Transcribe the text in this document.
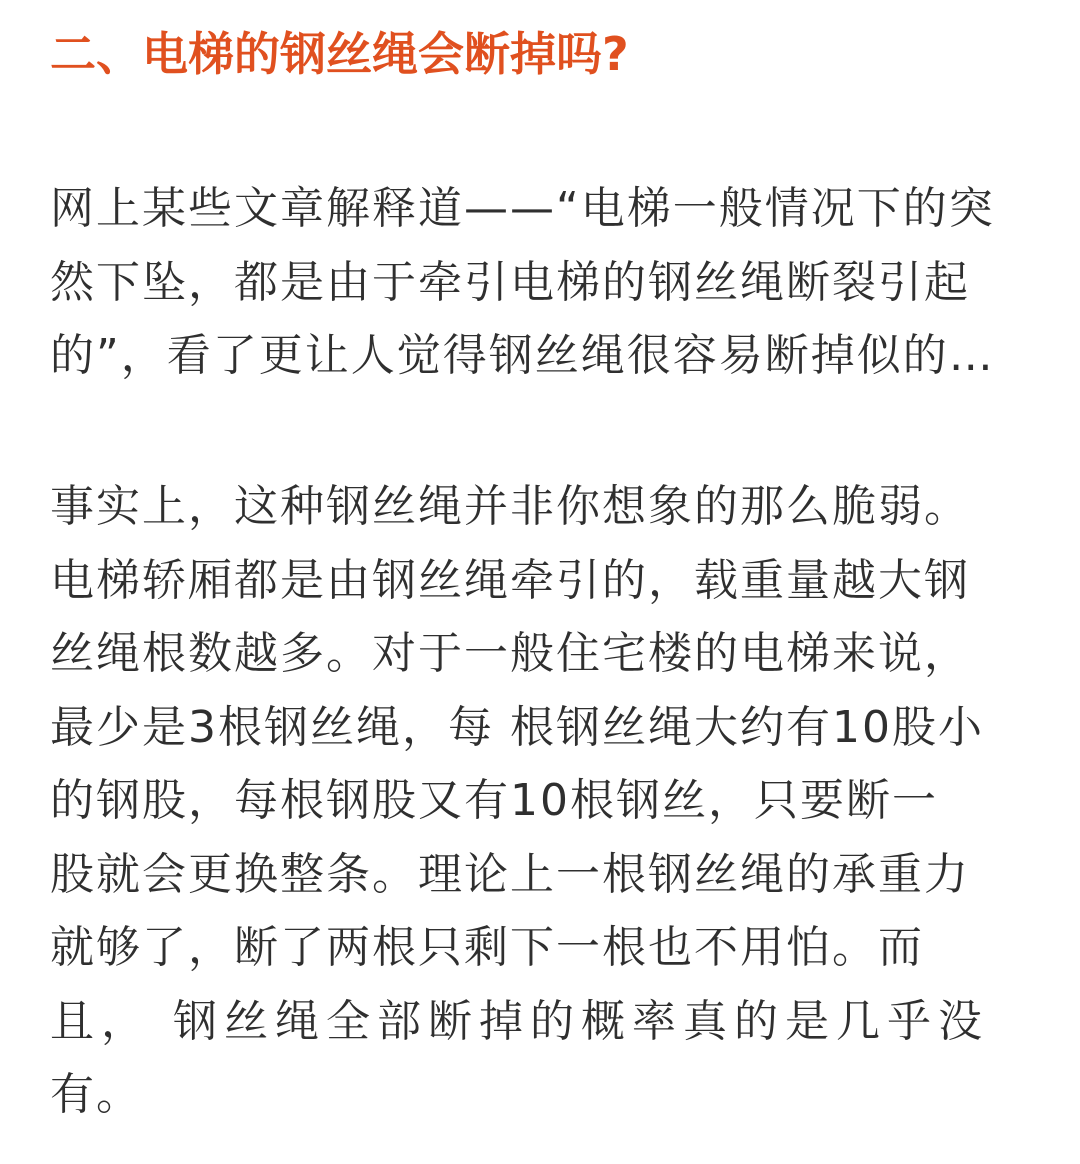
二、电梯的钢丝绳会断掉吗?
网上某些文章解释道——“电梯一般情况下的突
然下坠，都是由于牵引电梯的钢丝绳断裂引起
的”，看了更让人觉得钢丝绳很容易断掉似的…
事实上，这种钢丝绳并非你想象的那么脆弱。
电梯轿厢都是由钢丝绳牵引的，载重量越大钢
丝绳根数越多。对于一般住宅楼的电梯来说，
最少是3根钢丝绳，每 根钢丝绳大约有10股小
的钢股，每根钢股又有10根钢丝，只要断一
股就会更换整条。理论上一根钢丝绳的承重力
就够了，断了两根只剩下一根也不用怕。而
且， 钢丝绳全部断掉的概率真的是几乎没
有。
